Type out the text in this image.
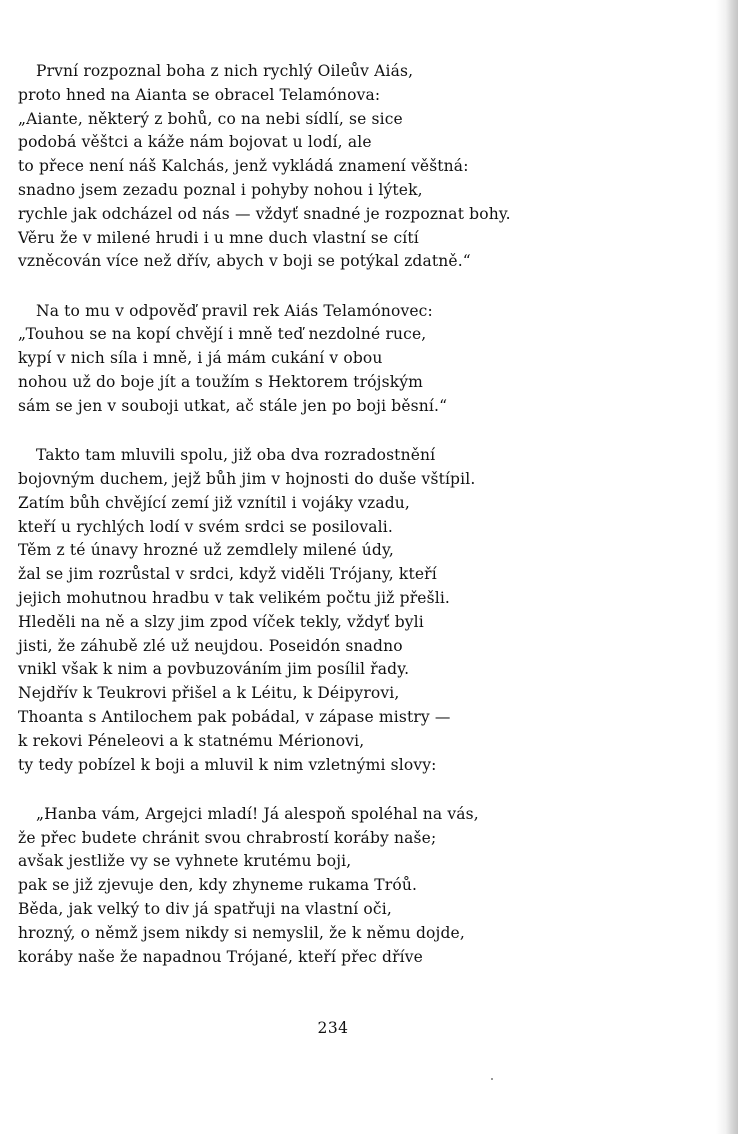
První rozpoznal boha z nich rychlý Oileův Aiás,
proto hned na Aianta se obracel Telamónova:
„Aiante, některý z bohů, co na nebi sídlí, se sice
podobá věštci a káže nám bojovat u lodí, ale
to přece není náš Kalchás, jenž vykládá znamení věštná:
snadno jsem zezadu poznal i pohyby nohou i lýtek,
rychle jak odcházel od nás — vždyť snadné je rozpoznat bohy.
Věru že v milené hrudi i u mne duch vlastní se cítí
vzněcován více než dřív, abych v boji se potýkal zdatně.“

Na to mu v odpověď pravil rek Aiás Telamónovec:
„Touhou se na kopí chvějí i mně teď nezdolné ruce,
kypí v nich síla i mně, i já mám cukání v obou
nohou už do boje jít a toužím s Hektorem trójským
sám se jen v souboji utkat, ač stále jen po boji běsní.“

Takto tam mluvili spolu, již oba dva rozradostnění
bojovným duchem, jejž bůh jim v hojnosti do duše vštípil.
Zatím bůh chvějící zemí již vznítil i vojáky vzadu,
kteří u rychlých lodí v svém srdci se posilovali.
Těm z té únavy hrozné už zemdlely milené údy,
žal se jim rozrůstal v srdci, když viděli Trójany, kteří
jejich mohutnou hradbu v tak velikém počtu již přešli.
Hleděli na ně a slzy jim zpod víček tekly, vždyť byli
jisti, že záhubě zlé už neujdou. Poseidón snadno
vnikl však k nim a povbuzováním jim posílil řady.
Nejdřív k Teukrovi přišel a k Léitu, k Déipyrovi,
Thoanta s Antilochem pak pobádal, v zápase mistry —
k rekovi Péneleovi a k statnému Mérionovi,
ty tedy pobízel k boji a mluvil k nim vzletnými slovy:

„Hanba vám, Argejci mladí! Já alespoň spoléhal na vás,
že přec budete chránit svou chrabrostí koráby naše;
avšak jestliže vy se vyhnete krutému boji,
pak se již zjevuje den, kdy zhyneme rukama Tróů.
Běda, jak velký to div já spatřuji na vlastní oči,
hrozný, o němž jsem nikdy si nemyslil, že k němu dojde,
koráby naše že napadnou Trójané, kteří přec dříve

234
